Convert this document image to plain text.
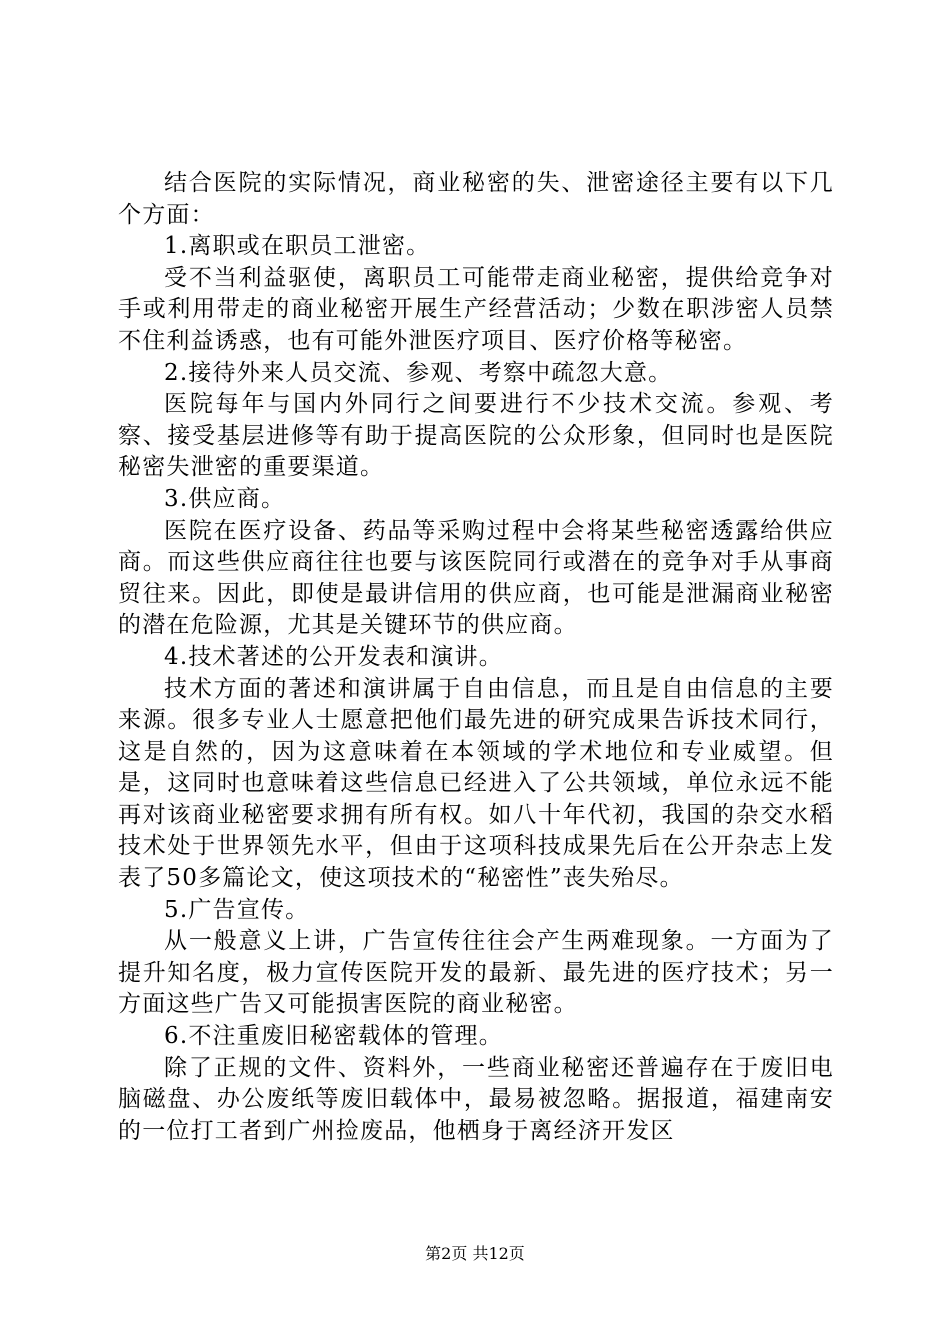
结合医院的实际情况，商业秘密的失、泄密途径主要有以下几个方面：

1.离职或在职员工泄密。

受不当利益驱使，离职员工可能带走商业秘密，提供给竞争对手或利用带走的商业秘密开展生产经营活动；少数在职涉密人员禁不住利益诱惑，也有可能外泄医疗项目、医疗价格等秘密。

2.接待外来人员交流、参观、考察中疏忽大意。

医院每年与国内外同行之间要进行不少技术交流。参观、考察、接受基层进修等有助于提高医院的公众形象，但同时也是医院秘密失泄密的重要渠道。

3.供应商。

医院在医疗设备、药品等采购过程中会将某些秘密透露给供应商。而这些供应商往往也要与该医院同行或潜在的竞争对手从事商贸往来。因此，即使是最讲信用的供应商，也可能是泄漏商业秘密的潜在危险源，尤其是关键环节的供应商。

4.技术著述的公开发表和演讲。

技术方面的著述和演讲属于自由信息，而且是自由信息的主要来源。很多专业人士愿意把他们最先进的研究成果告诉技术同行，这是自然的，因为这意味着在本领域的学术地位和专业威望。但是，这同时也意味着这些信息已经进入了公共领域，单位永远不能再对该商业秘密要求拥有所有权。如八十年代初，我国的杂交水稻技术处于世界领先水平，但由于这项科技成果先后在公开杂志上发表了50多篇论文，使这项技术的“秘密性”丧失殆尽。

5.广告宣传。

从一般意义上讲，广告宣传往往会产生两难现象。一方面为了提升知名度，极力宣传医院开发的最新、最先进的医疗技术；另一方面这些广告又可能损害医院的商业秘密。

6.不注重废旧秘密载体的管理。

除了正规的文件、资料外，一些商业秘密还普遍存在于废旧电脑磁盘、办公废纸等废旧载体中，最易被忽略。据报道，福建南安的一位打工者到广州捡废品，他栖身于离经济开发区

第2页 共12页
